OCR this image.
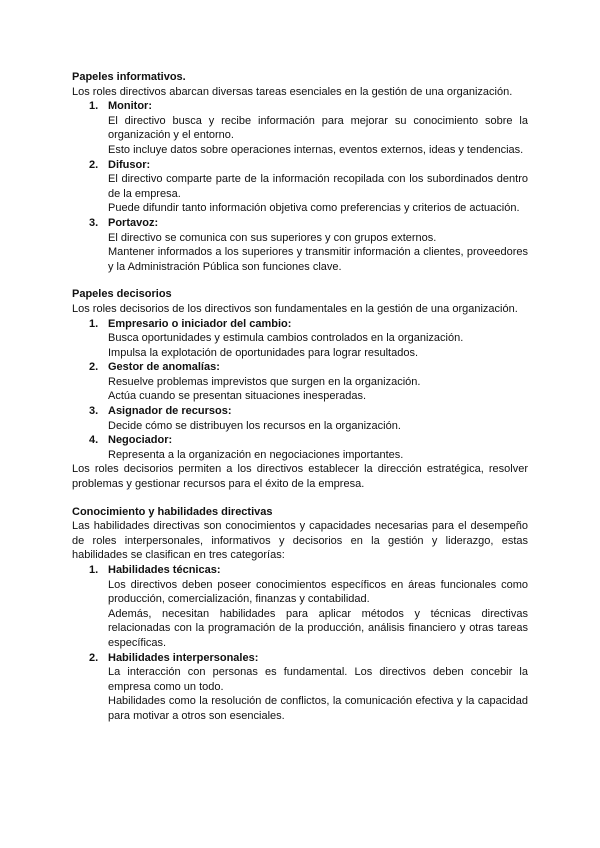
Papeles informativos.

Los roles directivos abarcan diversas tareas esenciales en la gestión de una organización.

1. Monitor:

El directivo busca y recibe información para mejorar su conocimiento sobre la organización y el entorno.

Esto incluye datos sobre operaciones internas, eventos externos, ideas y tendencias.

2. Difusor:

El directivo comparte parte de la información recopilada con los subordinados dentro de la empresa.

Puede difundir tanto información objetiva como preferencias y criterios de actuación.

3. Portavoz:

El directivo se comunica con sus superiores y con grupos externos.

Mantener informados a los superiores y transmitir información a clientes, proveedores y la Administración Pública son funciones clave.

Papeles decisorios

Los roles decisorios de los directivos son fundamentales en la gestión de una organización.

1. Empresario o iniciador del cambio:

Busca oportunidades y estimula cambios controlados en la organización.

Impulsa la explotación de oportunidades para lograr resultados.

2. Gestor de anomalías:

Resuelve problemas imprevistos que surgen en la organización.

Actúa cuando se presentan situaciones inesperadas.

3. Asignador de recursos:

Decide cómo se distribuyen los recursos en la organización.

4. Negociador:

Representa a la organización en negociaciones importantes.

Los roles decisorios permiten a los directivos establecer la dirección estratégica, resolver problemas y gestionar recursos para el éxito de la empresa.

Conocimiento y habilidades directivas

Las habilidades directivas son conocimientos y capacidades necesarias para el desempeño de roles interpersonales, informativos y decisorios en la gestión y liderazgo, estas habilidades se clasifican en tres categorías:

1. Habilidades técnicas:

Los directivos deben poseer conocimientos específicos en áreas funcionales como producción, comercialización, finanzas y contabilidad.

Además, necesitan habilidades para aplicar métodos y técnicas directivas relacionadas con la programación de la producción, análisis financiero y otras tareas específicas.

2. Habilidades interpersonales:

La interacción con personas es fundamental. Los directivos deben concebir la empresa como un todo.

Habilidades como la resolución de conflictos, la comunicación efectiva y la capacidad para motivar a otros son esenciales.
